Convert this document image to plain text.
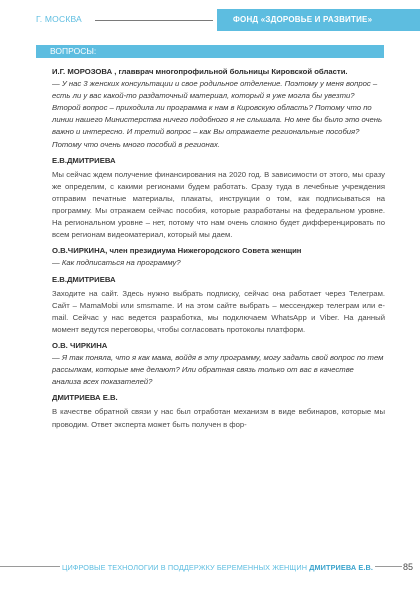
Г. МОСКВА	ФОНД «ЗДОРОВЬЕ И РАЗВИТИЕ»
ВОПРОСЫ:

И.Г. МОРОЗОВА , главврач многопрофильной больницы Кировской области.

— У нас 3 женских консультации и свое родильное отделение. Поэтому у меня вопрос – есть ли у вас какой-то раздаточный материал, который я уже могла бы увезти? Второй вопрос – приходила ли программа к нам в Кировскую область? Потому что по линии нашего Министерства ничего подобного я не слышала. Но мне бы было это очень важно и интересно. И третий вопрос – как Вы отражаете региональные пособия? Потому что очень много пособий в регионах.

Е.В.ДМИТРИЕВА

Мы сейчас ждем получение финансирования на 2020 год. В зависимости от этого, мы сразу же определим, с какими регионами будем работать. Сразу туда в лечебные учреждения отправим печатные материалы, плакаты, инструкции о том, как подписываться на программу. Мы отражаем сейчас пособия, которые разработаны на федеральном уровне. На региональном уровне – нет, потому что нам очень сложно будет дифференцировать по всем регионам видеоматериал, который мы даем.

О.В.ЧИРКИНА, член президиума Нижегородского Совета женщин

— Как подписаться на программу?

Е.В.ДМИТРИЕВА

Заходите на сайт. Здесь нужно выбрать подписку, сейчас она работает через Телеграм. Сайт – MamaMobi или smsmame. И на этом сайте выбрать – мессенджер телеграм или e-mail. Сейчас у нас ведется разработка, мы подключаем WhatsApp и Viber. На данный момент ведутся переговоры, чтобы согласовать протоколы платформ.

О.В. ЧИРКИНА

— Я так поняла, что я как мама, войдя в эту программу, могу задать свой вопрос по тем рассылкам, которые мне делают? Или обратная связь только от вас в качестве анализа всех показателей?

ДМИТРИЕВА Е.В.

В качестве обратной связи у нас был отработан механизм в виде вебинаров, которые мы проводим. Ответ эксперта может быть получен в фор-

ЦИФРОВЫЕ ТЕХНОЛОГИИ В ПОДДЕРЖКУ БЕРЕМЕННЫХ ЖЕНЩИН ДМИТРИЕВА Е.В.	85
